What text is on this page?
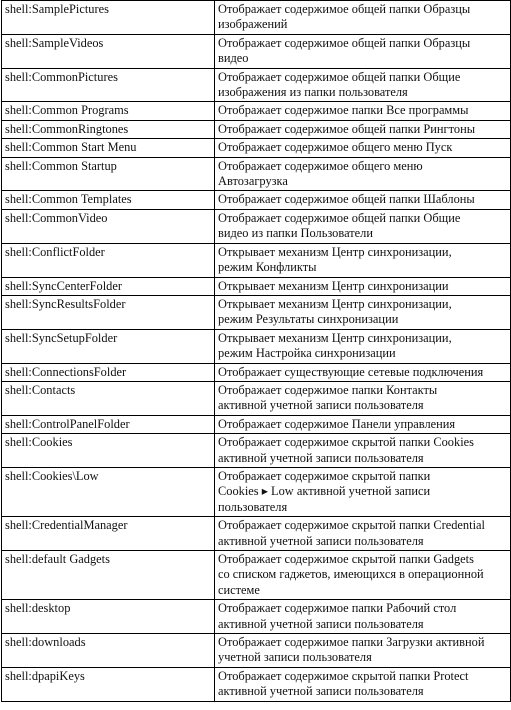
shell:SamplePictures	Отображает содержимое общей папки Образцы
изображений
shell:SampleVideos	Отображает содержимое общей папки Образцы
видео
shell:CommonPictures	Отображает содержимое общей папки Общие
изображения из папки пользователя
shell:Common Programs	Отображает содержимое папки Все программы
shell:CommonRingtones	Отображает содержимое общей папки Рингтоны
shell:Common Start Menu	Отображает содержимое общего меню Пуск
shell:Common Startup	Отображает содержимое общего меню
Автозагрузка
shell:Common Templates	Отображает содержимое общей папки Шаблоны
shell:CommonVideo	Отображает содержимое общей папки Общие
видео из папки Пользователи
shell:ConflictFolder	Открывает механизм Центр синхронизации,
режим Конфликты
shell:SyncCenterFolder	Открывает механизм Центр синхронизации
shell:SyncResultsFolder	Открывает механизм Центр синхронизации,
режим Результаты синхронизации
shell:SyncSetupFolder	Открывает механизм Центр синхронизации,
режим Настройка синхронизации
shell:ConnectionsFolder	Отображает существующие сетевые подключения
shell:Contacts	Отображает содержимое папки Контакты
активной учетной записи пользователя
shell:ControlPanelFolder	Отображает содержимое Панели управления
shell:Cookies	Отображает содержимое скрытой папки Cookies
активной учетной записи пользователя
shell:Cookies\Low	Отображает содержимое скрытой папки
Cookies ▸ Low активной учетной записи
пользователя
shell:CredentialManager	Отображает содержимое скрытой папки Credential
активной учетной записи пользователя
shell:default Gadgets	Отображает содержимое скрытой папки Gadgets
со списком гаджетов, имеющихся в операционной
системе
shell:desktop	Отображает содержимое папки Рабочий стол
активной учетной записи пользователя
shell:downloads	Отображает содержимое папки Загрузки активной
учетной записи пользователя
shell:dpapiKeys	Отображает содержимое скрытой папки Protect
активной учетной записи пользователя
